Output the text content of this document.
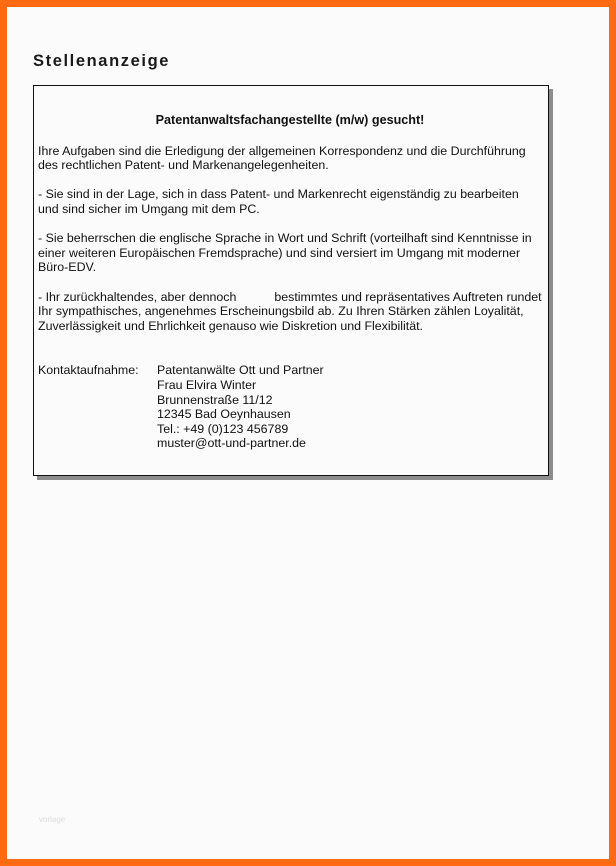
Stellenanzeige
Patentanwaltsfachangestellte (m/w) gesucht!

Ihre Aufgaben sind die Erledigung der allgemeinen Korrespondenz und die Durchführung des rechtlichen Patent- und Markenangelegenheiten.

- Sie sind in der Lage, sich in dass Patent- und Markenrecht eigenständig zu bearbeiten und sind sicher im Umgang mit dem PC.

- Sie beherrschen die englische Sprache in Wort und Schrift (vorteilhaft sind Kenntnisse in einer weiteren Europäischen Fremdsprache) und sind versiert im Umgang mit moderner Büro-EDV.

- Ihr zurückhaltendes, aber dennoch	bestimmtes und repräsentatives Auftreten rundet Ihr sympathisches, angenehmes Erscheinungsbild ab. Zu Ihren Stärken zählen Loyalität, Zuverlässigkeit und Ehrlichkeit genauso wie Diskretion und Flexibilität.

Kontaktaufnahme:	Patentanwälte Ott und Partner
Frau Elvira Winter
Brunnenstraße 11/12
12345 Bad Oeynhausen
Tel.: +49 (0)123 456789
muster@ott-und-partner.de
vorlage
